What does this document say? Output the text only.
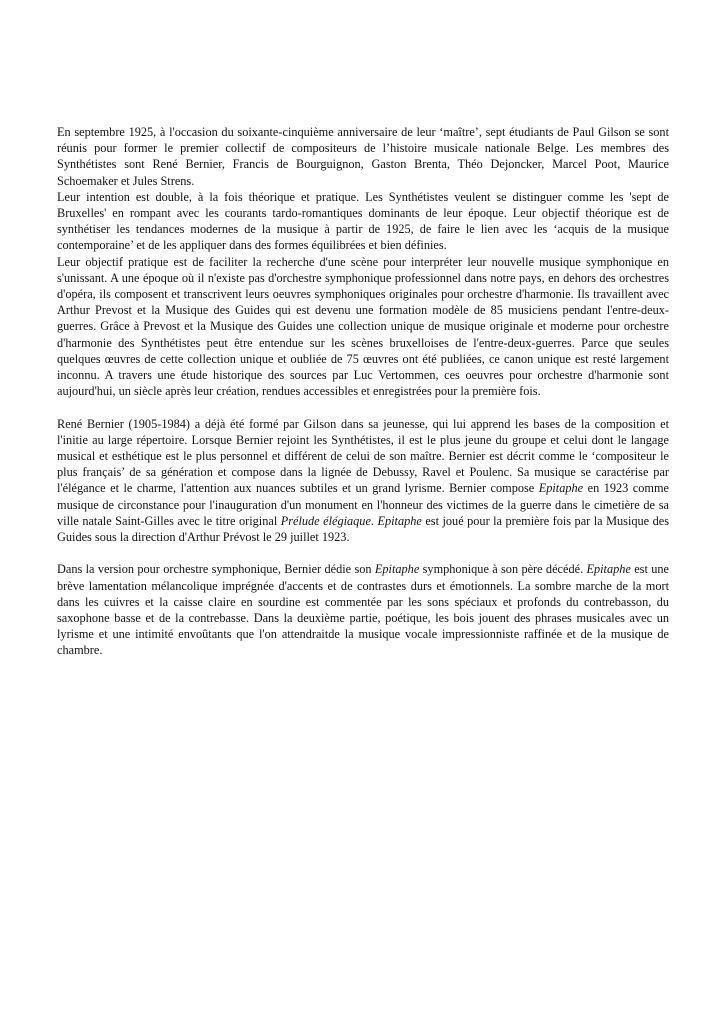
En septembre 1925, à l'occasion du soixante-cinquième anniversaire de leur ‘maître’, sept étudiants de Paul Gilson se sont réunis pour former le premier collectif de compositeurs de l’histoire musicale nationale Belge. Les membres des Synthétistes sont René Bernier, Francis de Bourguignon, Gaston Brenta, Théo Dejoncker, Marcel Poot, Maurice Schoemaker et Jules Strens.

Leur intention est double, à la fois théorique et pratique. Les Synthétistes veulent se distinguer comme les 'sept de Bruxelles' en rompant avec les courants tardo-romantiques dominants de leur époque. Leur objectif théorique est de synthétiser les tendances modernes de la musique à partir de 1925, de faire le lien avec les ‘acquis de la musique contemporaine’ et de les appliquer dans des formes équilibrées et bien définies.

Leur objectif pratique est de faciliter la recherche d'une scène pour interpréter leur nouvelle musique symphonique en s'unissant. A une époque où il n'existe pas d'orchestre symphonique professionnel dans notre pays, en dehors des orchestres d'opéra, ils composent et transcrivent leurs oeuvres symphoniques originales pour orchestre d'harmonie. Ils travaillent avec Arthur Prevost et la Musique des Guides qui est devenu une formation modèle de 85 musiciens pendant l'entre-deux-guerres. Grâce à Prevost et la Musique des Guides une collection unique de musique originale et moderne pour orchestre d'harmonie des Synthétistes peut être entendue sur les scènes bruxelloises de l'entre-deux-guerres. Parce que seules quelques œuvres de cette collection unique et oubliée de 75 œuvres ont été publiées, ce canon unique est resté largement inconnu. A travers une étude historique des sources par Luc Vertommen, ces oeuvres pour orchestre d'harmonie sont aujourd'hui, un siècle après leur création, rendues accessibles et enregistrées pour la première fois.

René Bernier (1905-1984) a déjà été formé par Gilson dans sa jeunesse, qui lui apprend les bases de la composition et l'initie au large répertoire. Lorsque Bernier rejoint les Synthétistes, il est le plus jeune du groupe et celui dont le langage musical et esthétique est le plus personnel et différent de celui de son maître. Bernier est décrit comme le ‘compositeur le plus français’ de sa génération et compose dans la lignée de Debussy, Ravel et Poulenc. Sa musique se caractérise par l'élégance et le charme, l'attention aux nuances subtiles et un grand lyrisme. Bernier compose Epitaphe en 1923 comme musique de circonstance pour l'inauguration d'un monument en l'honneur des victimes de la guerre dans le cimetière de sa ville natale Saint-Gilles avec le titre original Prélude élégiaque. Epitaphe est joué pour la première fois par la Musique des Guides sous la direction d'Arthur Prévost le 29 juillet 1923.

Dans la version pour orchestre symphonique, Bernier dédie son Epitaphe symphonique à son père décédé. Epitaphe est une brève lamentation mélancolique imprégnée d'accents et de contrastes durs et émotionnels. La sombre marche de la mort dans les cuivres et la caisse claire en sourdine est commentée par les sons spéciaux et profonds du contrebasson, du saxophone basse et de la contrebasse. Dans la deuxième partie, poétique, les bois jouent des phrases musicales avec un lyrisme et une intimité envoûtants que l'on attendraitde la musique vocale impressionniste raffinée et de la musique de chambre.
